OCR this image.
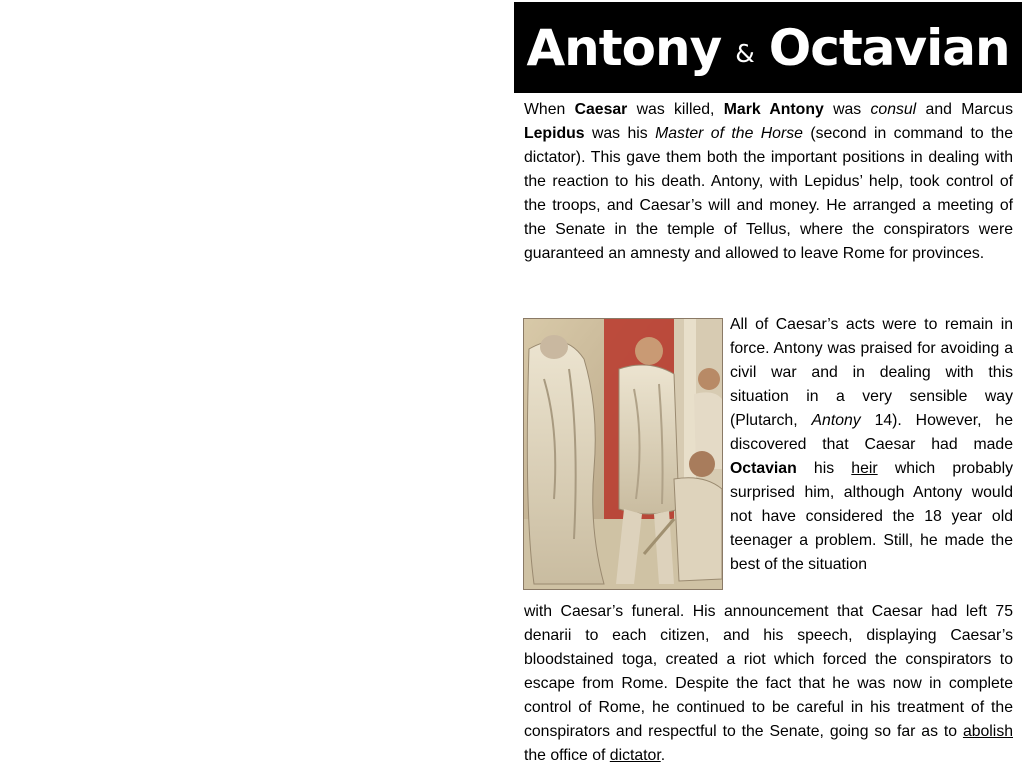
Antony & Octavian

When Caesar was killed, Mark Antony was consul and Marcus Lepidus was his Master of the Horse (second in command to the dictator). This gave them both the important positions in dealing with the reaction to his death. Antony, with Lepidus’ help, took control of the troops, and Caesar’s will and money. He arranged a meeting of the Senate in the temple of Tellus, where the conspirators were guaranteed an amnesty and allowed to leave Rome for provinces.

All of Caesar’s acts were to remain in force. Antony was praised for avoiding a civil war and in dealing with this situation in a very sensible way (Plutarch, Antony 14). However, he discovered that Caesar had made Octavian his heir which probably surprised him, although Antony would not have considered the 18 year old teenager a problem. Still, he made the best of the situation

with Caesar’s funeral. His announcement that Caesar had left 75 denarii to each citizen, and his speech, displaying Caesar’s bloodstained toga, created a riot which forced the conspirators to escape from Rome. Despite the fact that he was now in complete control of Rome, he continued to be careful in his treatment of the conspirators and respectful to the Senate, going so far as to abolish the office of dictator.
